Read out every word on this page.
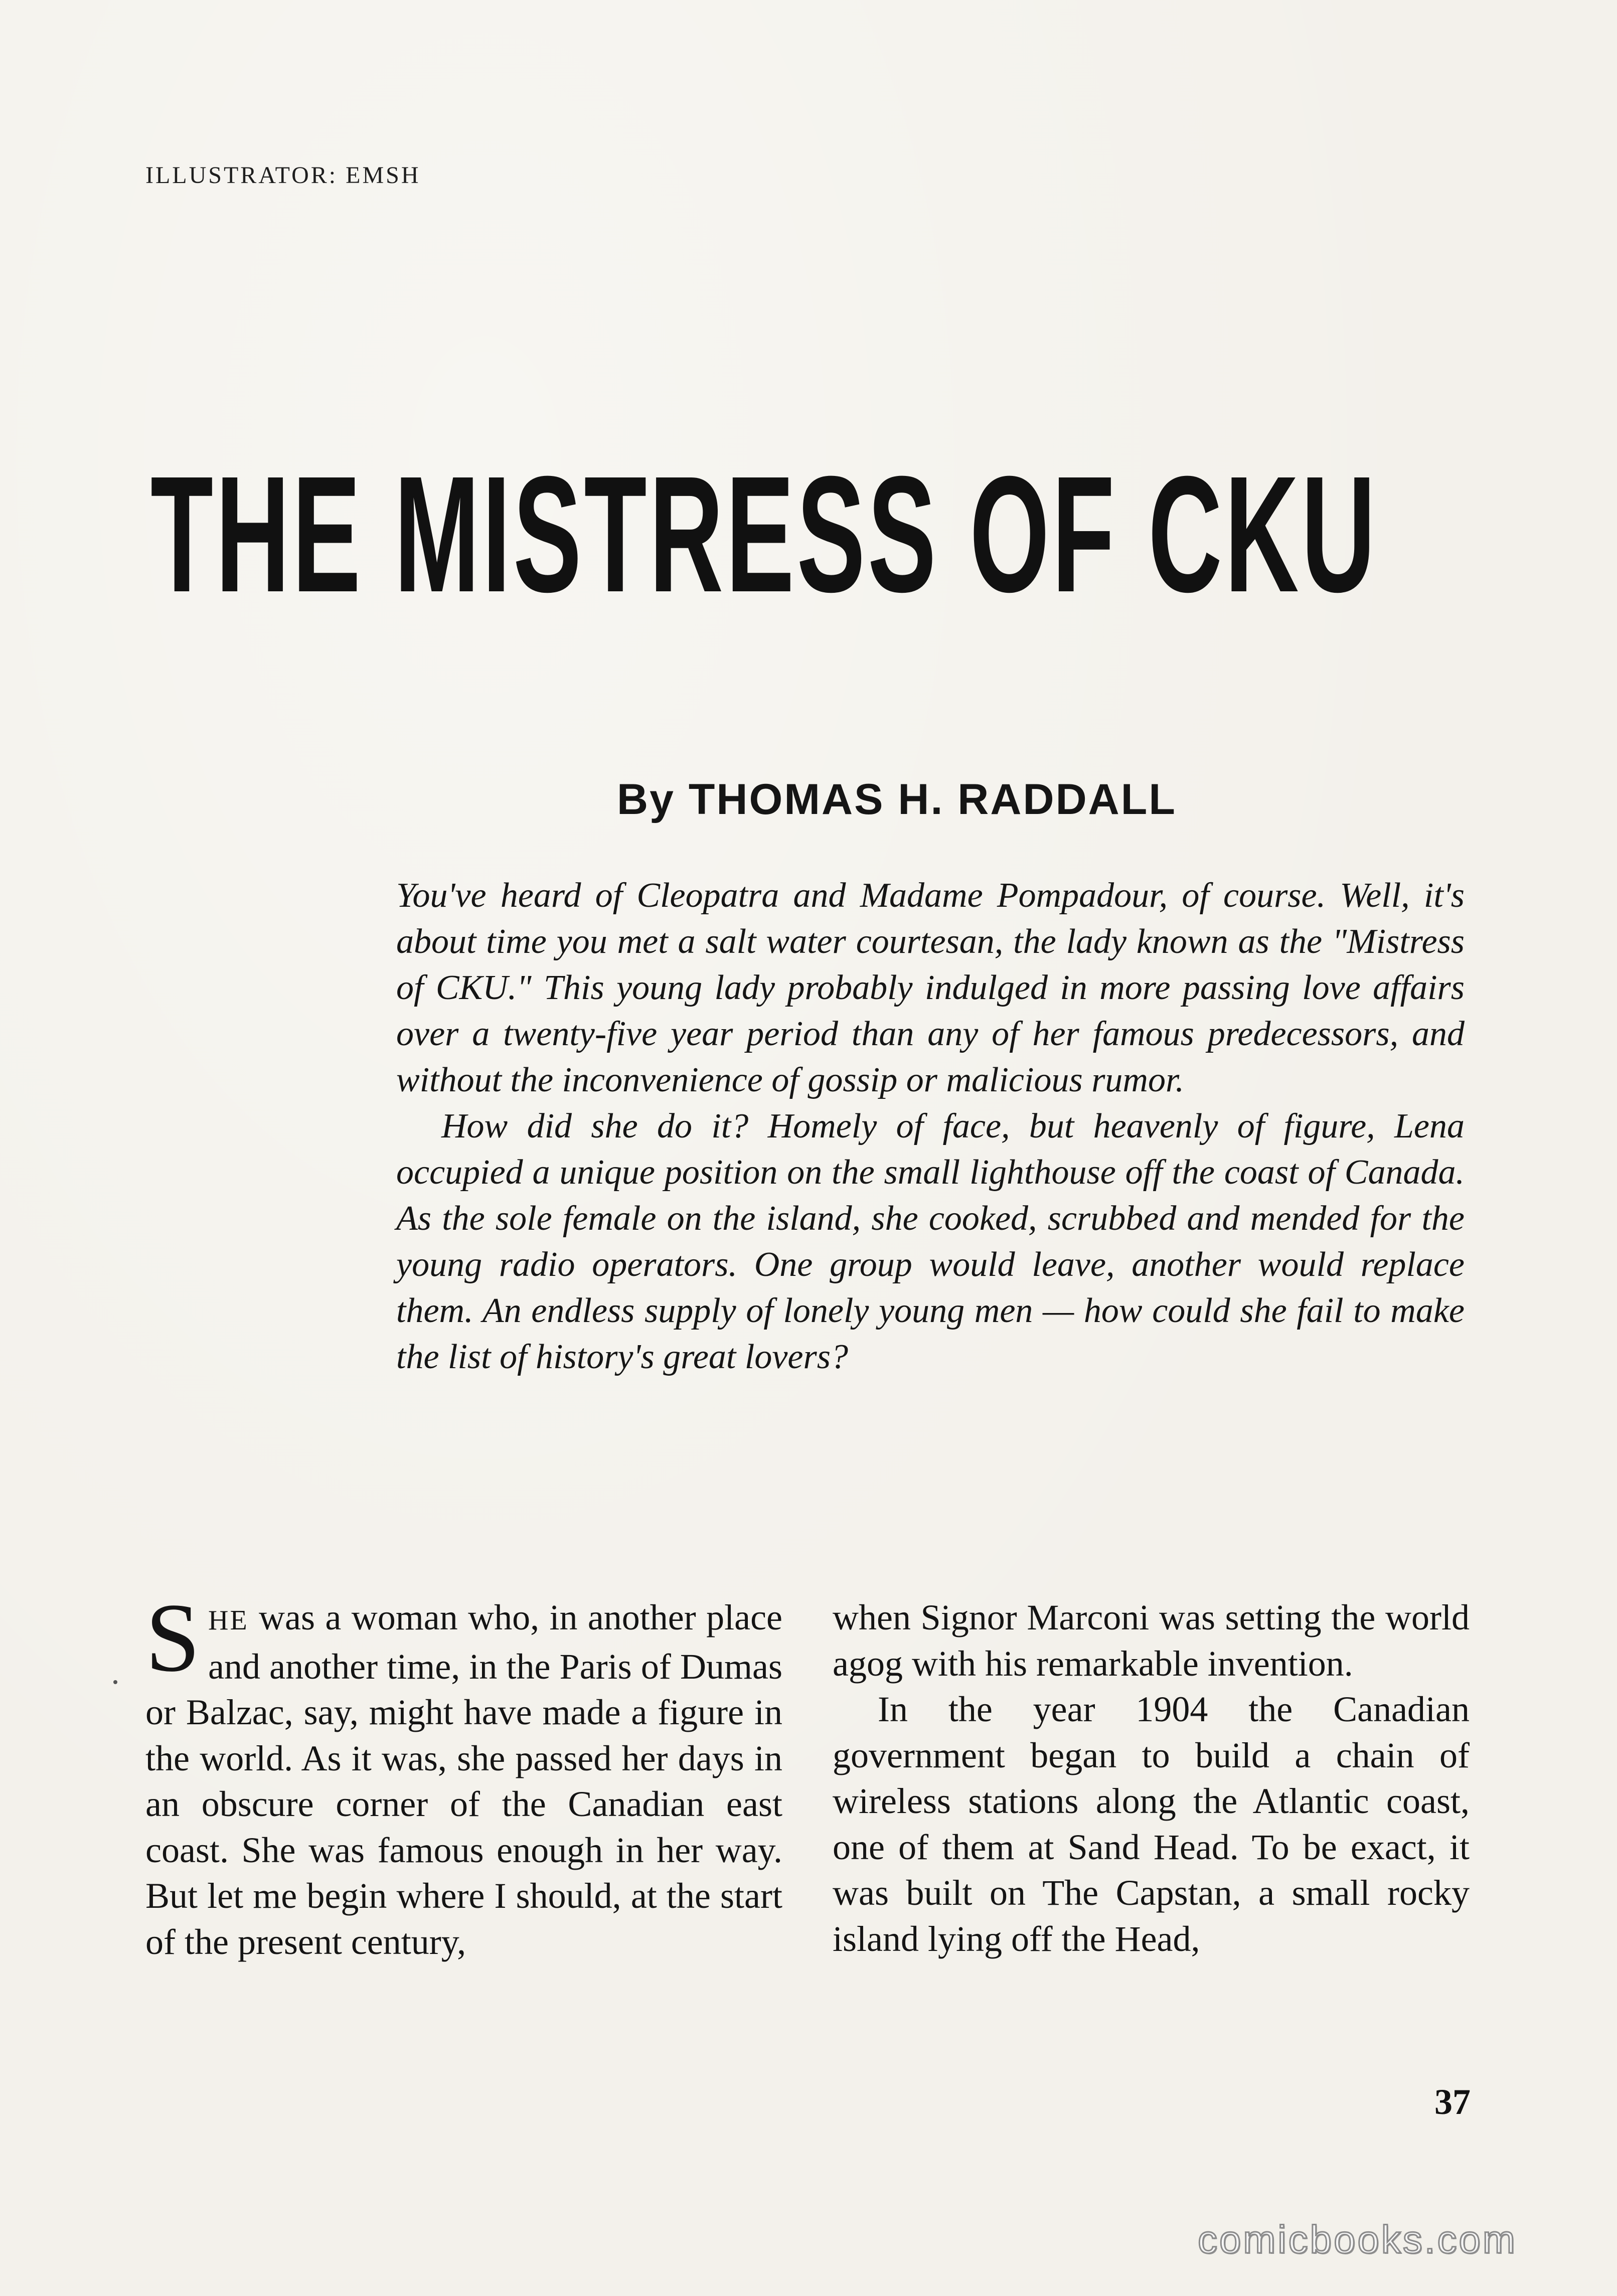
ILLUSTRATOR: EMSH
THE MISTRESS OF CKU
By THOMAS H. RADDALL

You've heard of Cleopatra and Madame Pompadour, of course. Well, it's about time you met a salt water courtesan, the lady known as the "Mistress of CKU." This young lady probably indulged in more passing love affairs over a twenty-five year period than any of her famous predecessors, and without the inconvenience of gossip or malicious rumor.

How did she do it? Homely of face, but heavenly of figure, Lena occupied a unique position on the small lighthouse off the coast of Canada. As the sole female on the island, she cooked, scrubbed and mended for the young radio operators. One group would leave, another would replace them. An endless supply of lonely young men — how could she fail to make the list of history's great lovers?

SHE was a woman who, in another place and another time, in the Paris of Dumas or Balzac, say, might have made a figure in the world. As it was, she passed her days in an obscure corner of the Canadian east coast. She was famous enough in her way. But let me begin where I should, at the start of the present century,

when Signor Marconi was setting the world agog with his remarkable invention.

In the year 1904 the Canadian government began to build a chain of wireless stations along the Atlantic coast, one of them at Sand Head. To be exact, it was built on The Capstan, a small rocky island lying off the Head,

37
comicbooks.com
